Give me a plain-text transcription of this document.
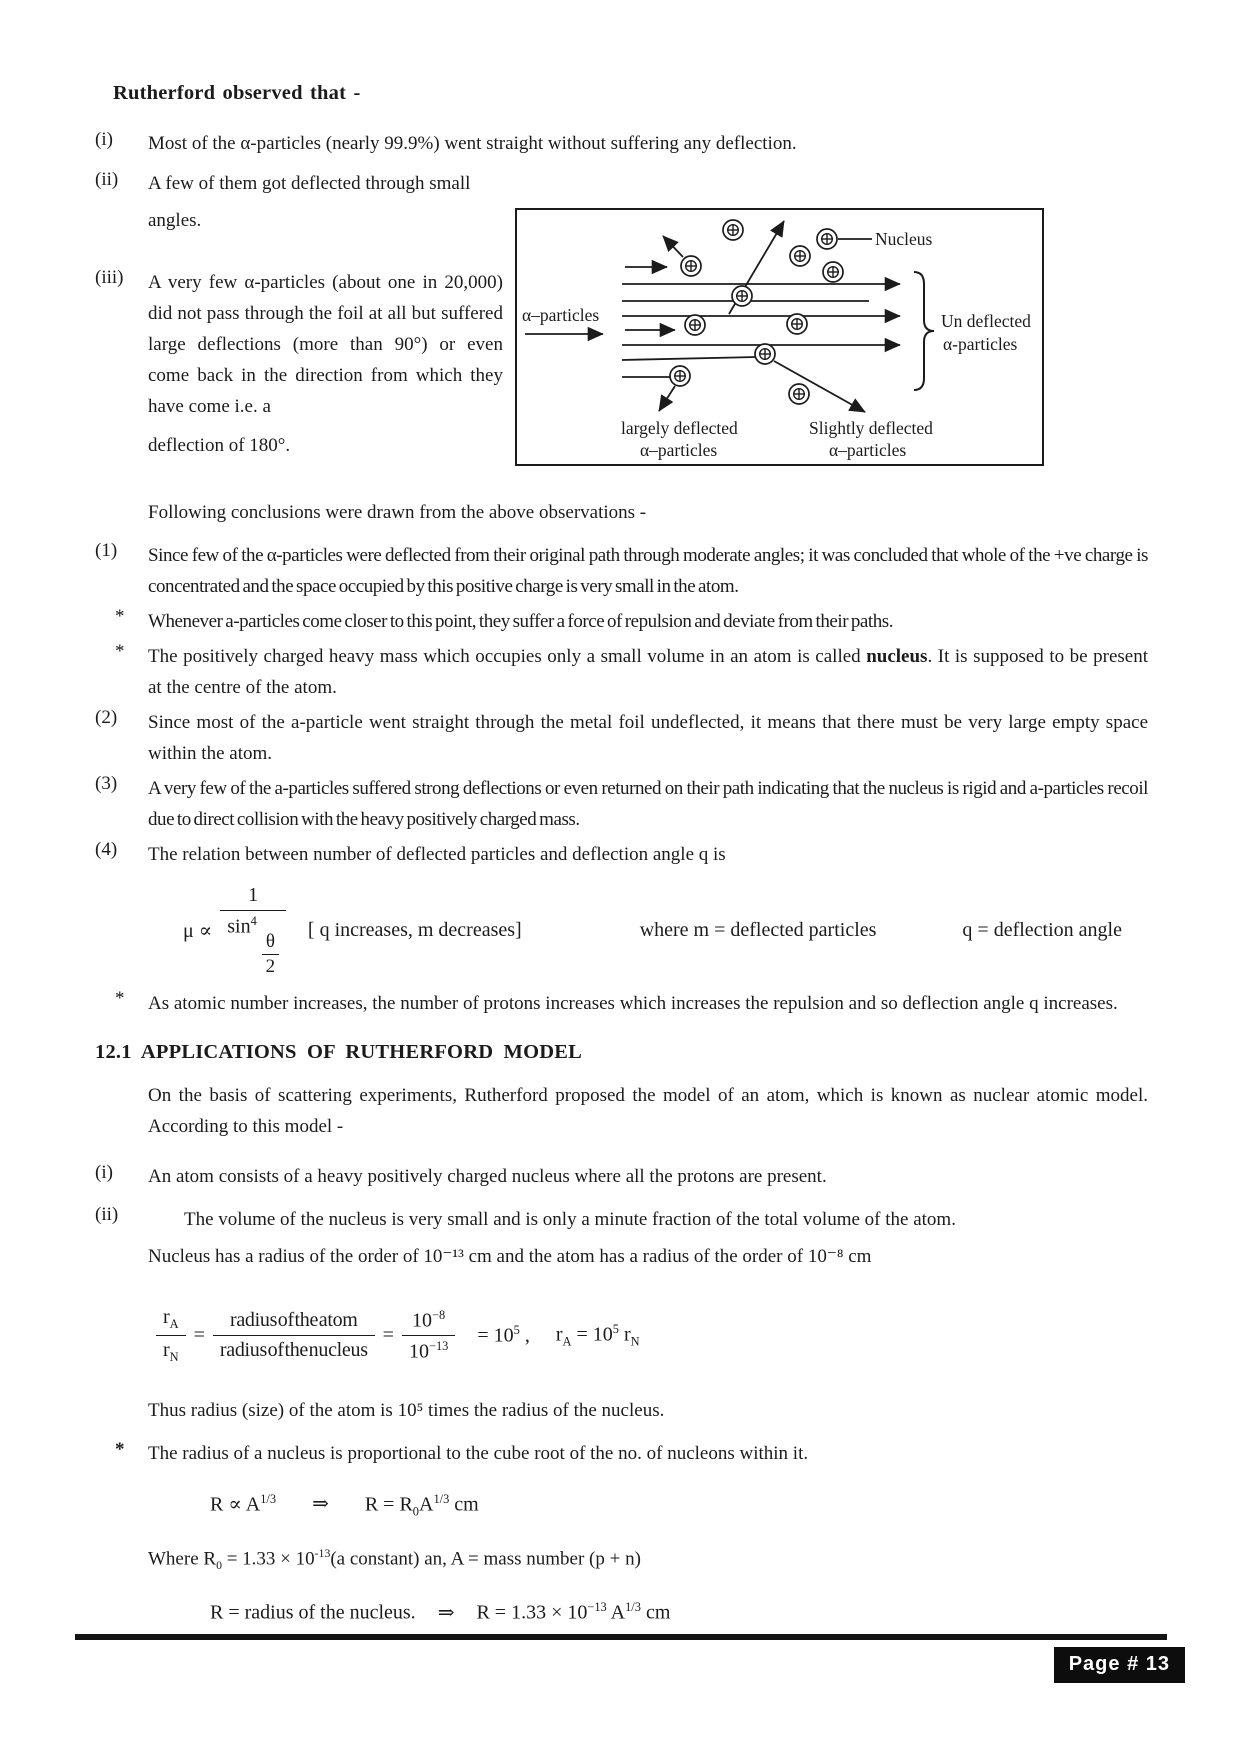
Rutherford observed that -
(i)	Most of the α-particles (nearly 99.9%) went straight without suffering any deflection.
(ii)	A few of them got deflected through small
angles.
(iii)	A very few α-particles (about one in 20,000) did not pass through the foil at all but suffered large deflections (more than 90°) or even come back in the direction from which they have come i.e. a
deflection of 180°.
α–particles
Nucleus
Un deflected
α-particles
largely deflected
α–particles
Slightly deflected
α–particles
Following conclusions were drawn from the above observations -
(1)	Since few of the α-particles were deflected from their original path through moderate angles; it was concluded that whole of the +ve charge is concentrated and the space occupied by this positive charge is very small in the atom.
*	Whenever a-particles come closer to this point, they suffer a force of repulsion and deviate from their paths.
*	The positively charged heavy mass which occupies only a small volume in an atom is called nucleus. It is supposed to be present at the centre of the atom.
(2)	Since most of the a-particle went straight through the metal foil undeflected, it means that there must be very large empty space within the atom.
(3)	A very few of the a-particles suffered strong deflections or even returned on their path indicating that the nucleus is rigid and a-particles recoil due to direct collision with the heavy positively charged mass.
(4)	The relation between number of deflected particles and deflection angle q is
μ ∝ 1
$\sin^4$
$\frac{\theta}{2}$ [ q increases, m decreases]	where m = deflected particles	q = deflection angle
*	As atomic number increases, the number of protons increases which increases the repulsion and so deflection angle q increases.
12.1 APPLICATIONS OF RUTHERFORD MODEL
On the basis of scattering experiments, Rutherford proposed the model of an atom, which is known as nuclear atomic model. According to this model -
(i)	An atom consists of a heavy positively charged nucleus where all the protons are present.
(ii)	The volume of the nucleus is very small and is only a minute fraction of the total volume of the atom.
Nucleus has a radius of the order of 10⁻¹³ cm and the atom has a radius of the order of 10⁻⁸ cm
$\frac{r_A}{r_N} = \frac{\text{radius of the atom}}{\text{radius of the nucleus}} = \frac{10^{-8}}{10^{-13}} = 10^5$ , $r_A = 10^5$ $r_N$
Thus radius (size) of the atom is 10⁵ times the radius of the nucleus.
*	The radius of a nucleus is proportional to the cube root of the no. of nucleons within it.
$R \propto A^{1/3}$ ⇒ $R = R_0A^{1/3}$ cm
Where $R_0 = 1.33 \times 10^{-13}(a$ constant) an, A = mass number (p + n)
R = radius of the nucleus. ⇒ $R = 1.33 \times 10^{-13}$ $A^{1/3}$ cm
Page # 13
